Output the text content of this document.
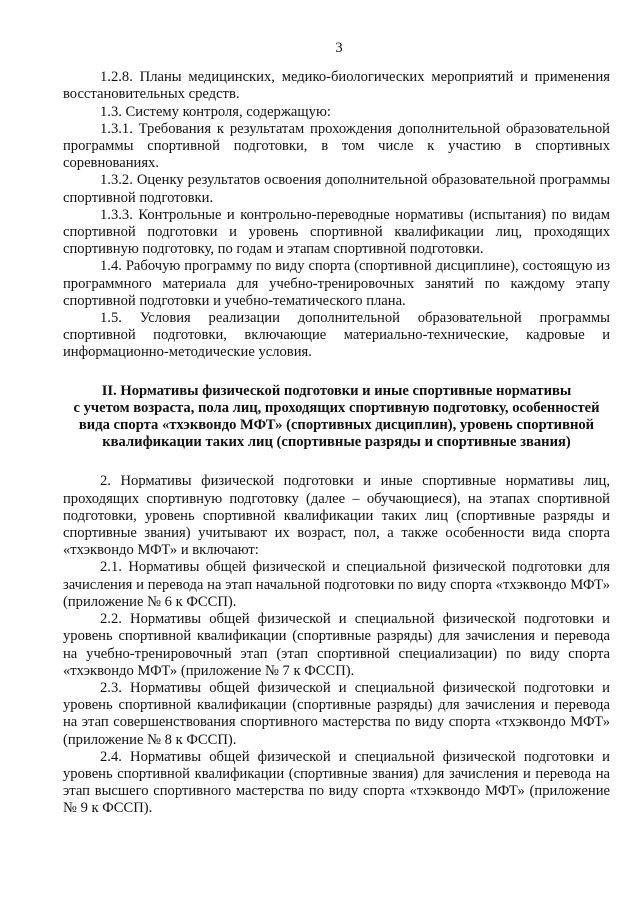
3

1.2.8. Планы медицинских, медико-биологических мероприятий и применения восстановительных средств.

1.3. Систему контроля, содержащую:

1.3.1. Требования к результатам прохождения дополнительной образовательной программы спортивной подготовки, в том числе к участию в спортивных соревнованиях.

1.3.2. Оценку результатов освоения дополнительной образовательной программы спортивной подготовки.

1.3.3. Контрольные и контрольно-переводные нормативы (испытания) по видам спортивной подготовки и уровень спортивной квалификации лиц, проходящих спортивную подготовку, по годам и этапам спортивной подготовки.

1.4. Рабочую программу по виду спорта (спортивной дисциплине), состоящую из программного материала для учебно-тренировочных занятий по каждому этапу спортивной подготовки и учебно-тематического плана.

1.5. Условия реализации дополнительной образовательной программы спортивной подготовки, включающие материально-технические, кадровые и информационно-методические условия.

II. Нормативы физической подготовки и иные спортивные нормативы
с учетом возраста, пола лиц, проходящих спортивную подготовку, особенностей
вида спорта «тхэквондо МФТ» (спортивных дисциплин), уровень спортивной
квалификации таких лиц (спортивные разряды и спортивные звания)

2. Нормативы физической подготовки и иные спортивные нормативы лиц, проходящих спортивную подготовку (далее – обучающиеся), на этапах спортивной подготовки, уровень спортивной квалификации таких лиц (спортивные разряды и спортивные звания) учитывают их возраст, пол, а также особенности вида спорта «тхэквондо МФТ» и включают:

2.1. Нормативы общей физической и специальной физической подготовки для зачисления и перевода на этап начальной подготовки по виду спорта «тхэквондо МФТ» (приложение № 6 к ФССП).

2.2. Нормативы общей физической и специальной физической подготовки и уровень спортивной квалификации (спортивные разряды) для зачисления и перевода на учебно-тренировочный этап (этап спортивной специализации) по виду спорта «тхэквондо МФТ» (приложение № 7 к ФССП).

2.3. Нормативы общей физической и специальной физической подготовки и уровень спортивной квалификации (спортивные разряды) для зачисления и перевода на этап совершенствования спортивного мастерства по виду спорта «тхэквондо МФТ» (приложение № 8 к ФССП).

2.4. Нормативы общей физической и специальной физической подготовки и уровень спортивной квалификации (спортивные звания) для зачисления и перевода на этап высшего спортивного мастерства по виду спорта «тхэквондо МФТ» (приложение № 9 к ФССП).
